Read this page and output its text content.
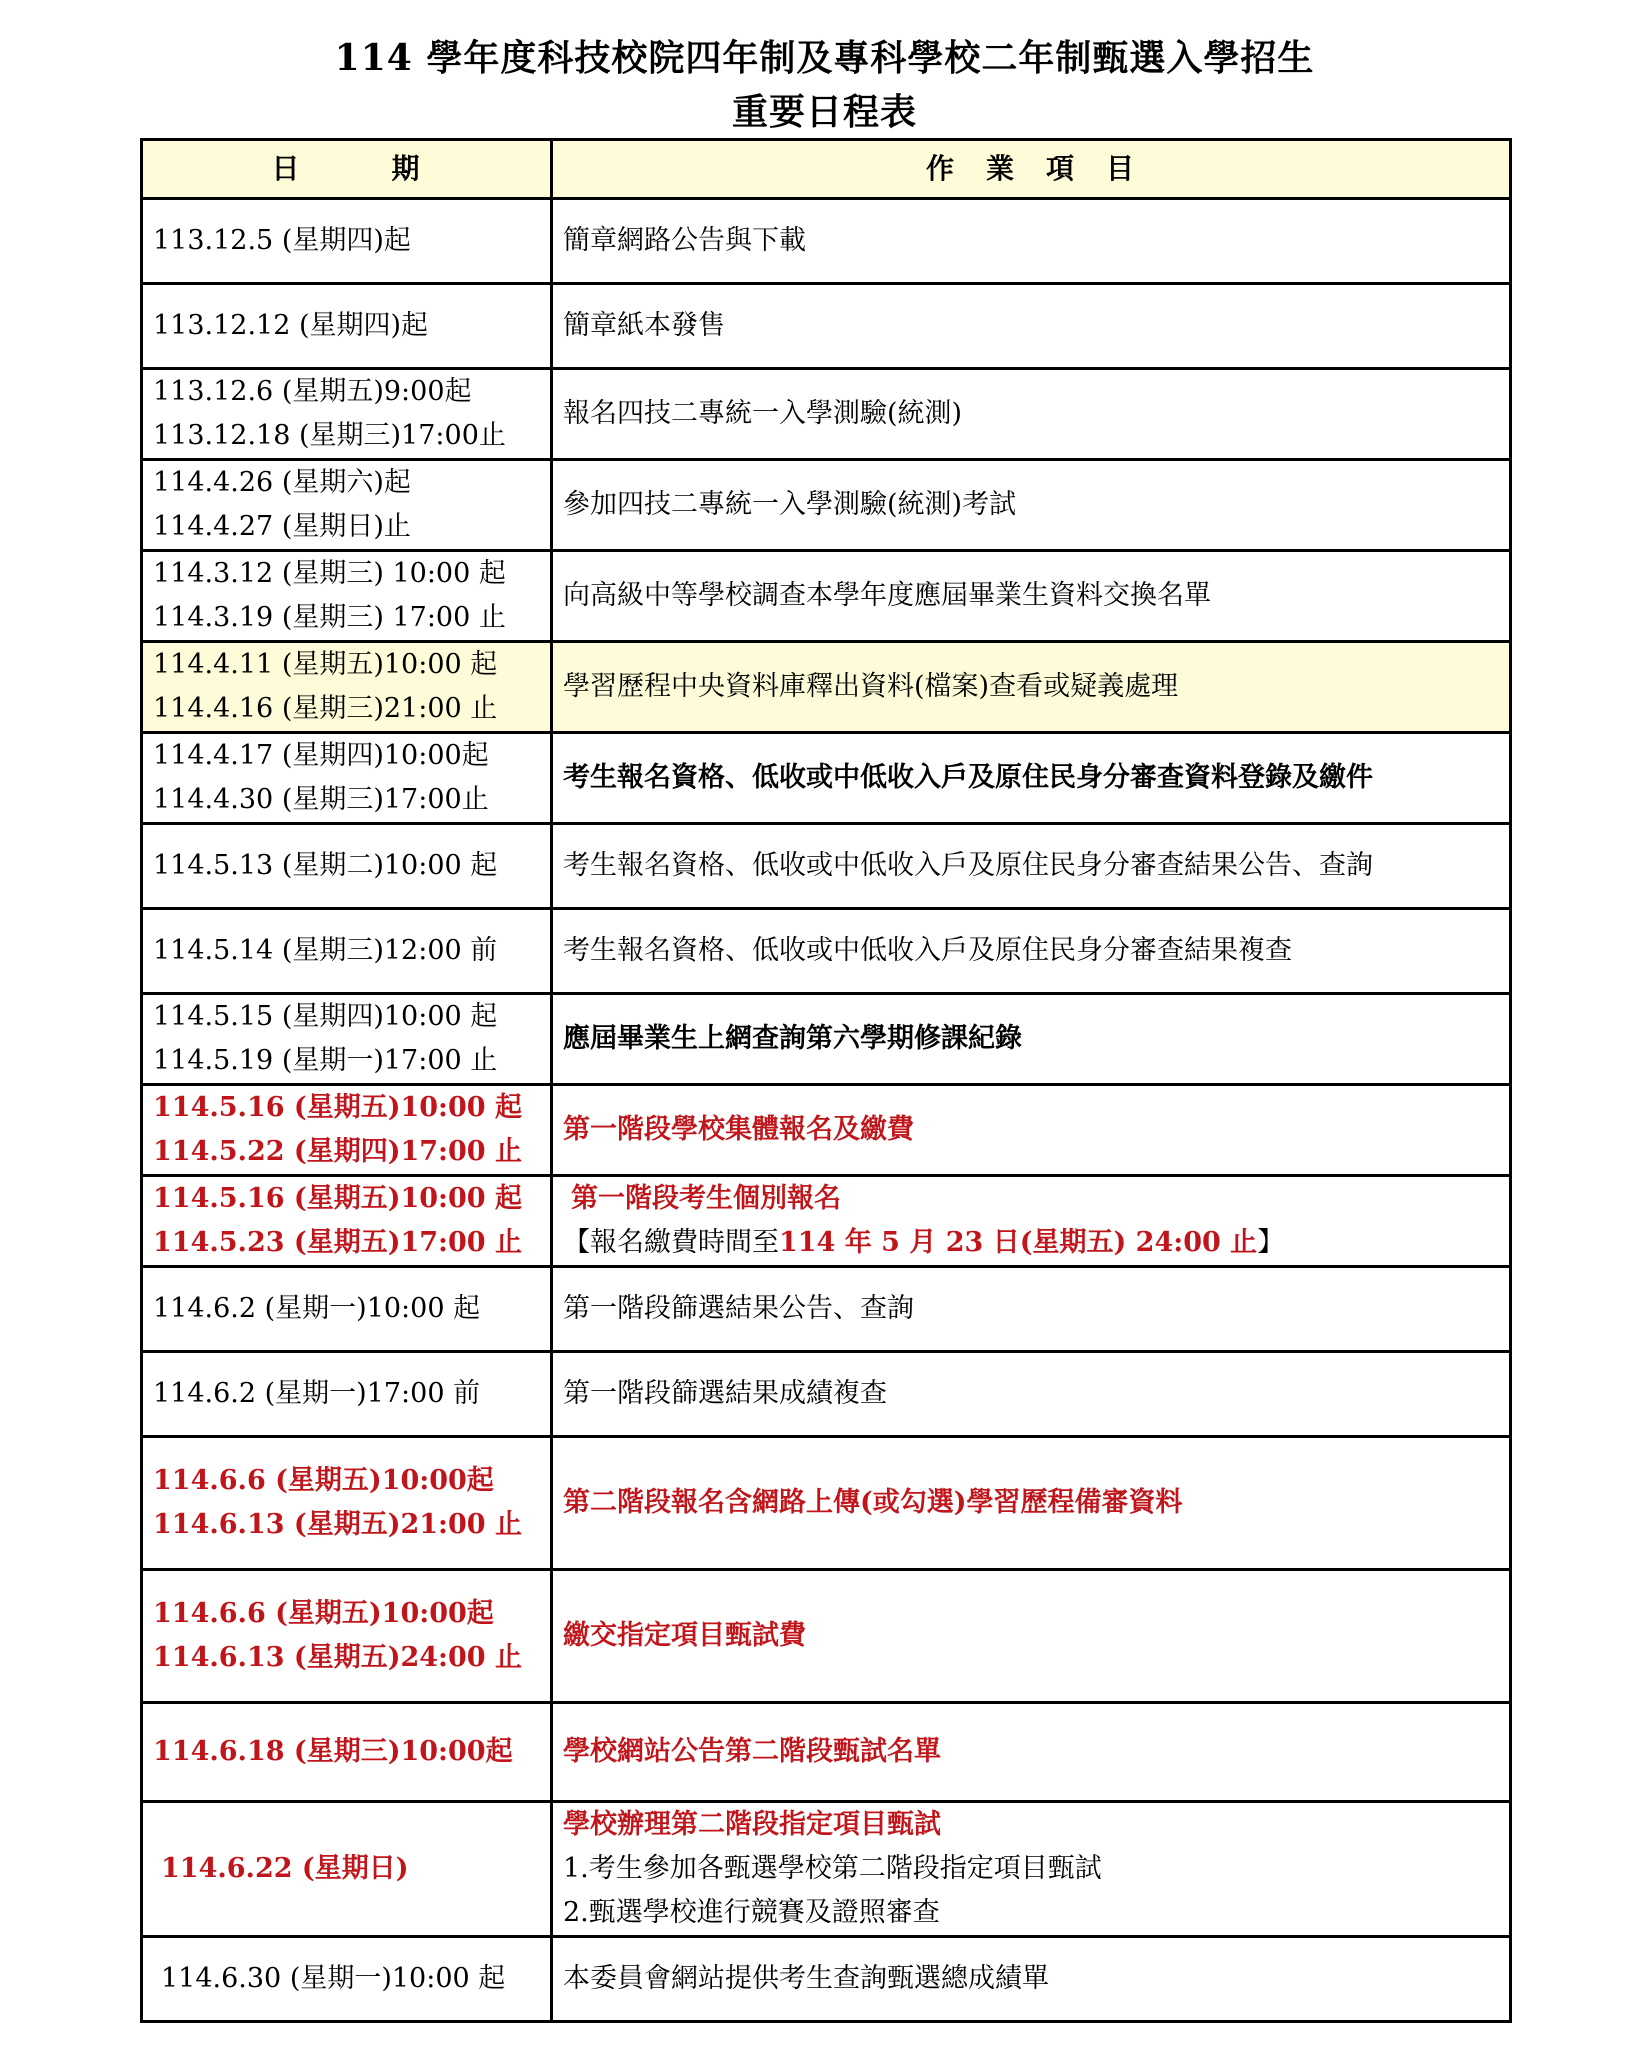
114 學年度科技校院四年制及專科學校二年制甄選入學招生
重要日程表
日　　　期	作　業　項　目

113.12.5 (星期四)起	簡章網路公告與下載

113.12.12 (星期四)起	簡章紙本發售

113.12.6 (星期五)9:00起
113.12.18 (星期三)17:00止	報名四技二專統一入學測驗(統測)

114.4.26 (星期六)起
114.4.27 (星期日)止	參加四技二專統一入學測驗(統測)考試

114.3.12 (星期三) 10:00 起
114.3.19 (星期三) 17:00 止	向高級中等學校調查本學年度應屆畢業生資料交換名單

114.4.11 (星期五)10:00 起
114.4.16 (星期三)21:00 止	學習歷程中央資料庫釋出資料(檔案)查看或疑義處理

114.4.17 (星期四)10:00起
114.4.30 (星期三)17:00止	考生報名資格、低收或中低收入戶及原住民身分審查資料登錄及繳件

114.5.13 (星期二)10:00 起	考生報名資格、低收或中低收入戶及原住民身分審查結果公告、查詢

114.5.14 (星期三)12:00 前	考生報名資格、低收或中低收入戶及原住民身分審查結果複查

114.5.15 (星期四)10:00 起
114.5.19 (星期一)17:00 止	應屆畢業生上網查詢第六學期修課紀錄

114.5.16 (星期五)10:00 起
114.5.22 (星期四)17:00 止	第一階段學校集體報名及繳費

114.5.16 (星期五)10:00 起
114.5.23 (星期五)17:00 止	第一階段考生個別報名
【報名繳費時間至114 年 5 月 23 日(星期五) 24:00 止】

114.6.2 (星期一)10:00 起	第一階段篩選結果公告、查詢

114.6.2 (星期一)17:00 前	第一階段篩選結果成績複查

114.6.6 (星期五)10:00起
114.6.13 (星期五)21:00 止	第二階段報名含網路上傳(或勾選)學習歷程備審資料

114.6.6 (星期五)10:00起
114.6.13 (星期五)24:00 止	繳交指定項目甄試費

114.6.18 (星期三)10:00起	學校網站公告第二階段甄試名單

114.6.22 (星期日)	學校辦理第二階段指定項目甄試
1.考生參加各甄選學校第二階段指定項目甄試
2.甄選學校進行競賽及證照審查

114.6.30 (星期一)10:00 起	本委員會網站提供考生查詢甄選總成績單
